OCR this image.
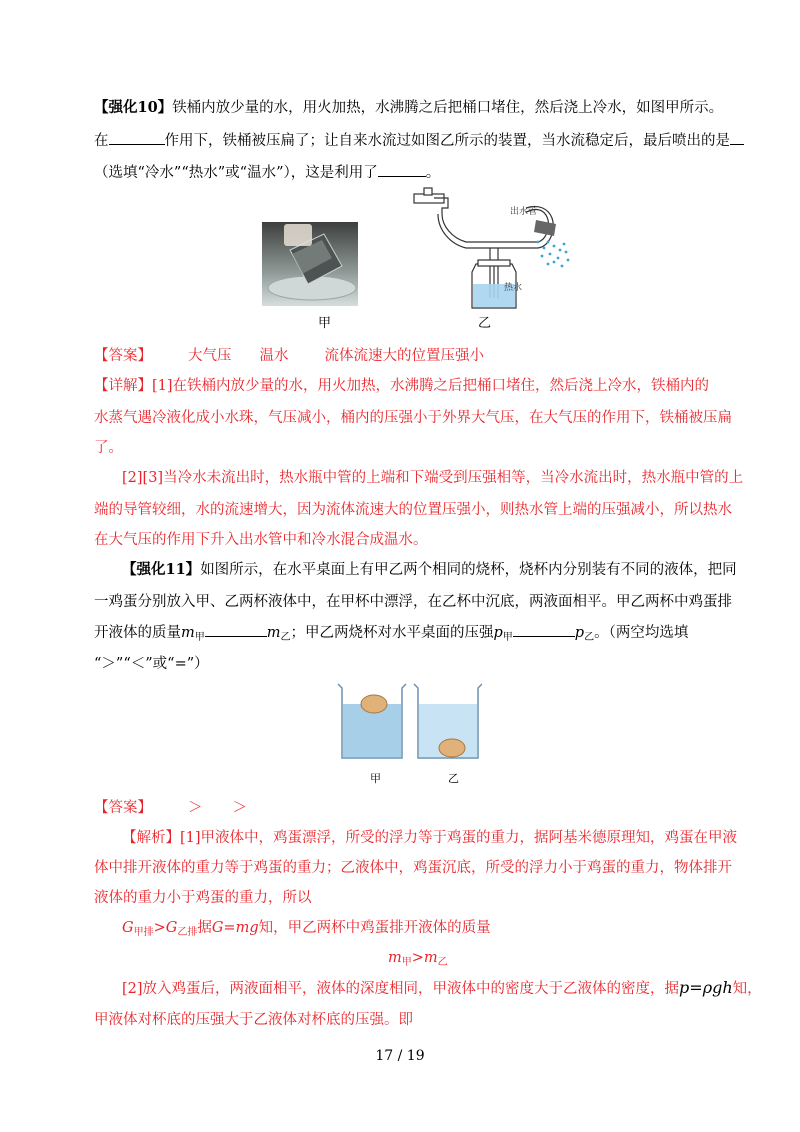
【强化10】铁桶内放少量的水，用火加热，水沸腾之后把桶口堵住，然后浇上冷水，如图甲所示。
在	作用下，铁桶被压扁了；让自来水流过如图乙所示的装置，当水流稳定后，最后喷出的是
（选填“冷水”“热水”或“温水”），这是利用了	。
甲
出水管
热水
乙
【答案】 大气压 温水 流体流速大的位置压强小
【详解】[1]在铁桶内放少量的水，用火加热，水沸腾之后把桶口堵住，然后浇上冷水，铁桶内的
水蒸气遇冷液化成小水珠，气压减小，桶内的压强小于外界大气压，在大气压的作用下，铁桶被压扁
了。
[2][3]当冷水未流出时，热水瓶中管的上端和下端受到压强相等，当冷水流出时，热水瓶中管的上
端的导管较细，水的流速增大，因为流体流速大的位置压强小，则热水管上端的压强减小，所以热水
在大气压的作用下升入出水管中和冷水混合成温水。
【强化11】如图所示，在水平桌面上有甲乙两个相同的烧杯，烧杯内分别装有不同的液体，把同
一鸡蛋分别放入甲、乙两杯液体中，在甲杯中漂浮，在乙杯中沉底，两液面相平。甲乙两杯中鸡蛋排
开液体的质量$m_甲$	$m_乙$；甲乙两烧杯对水平桌面的压强$p_甲$	$p_乙$。（两空均选填
“＞”“＜”或“=”）
甲	乙
【答案】 ＞ ＞
【解析】[1]甲液体中，鸡蛋漂浮，所受的浮力等于鸡蛋的重力，据阿基米德原理知，鸡蛋在甲液
体中排开液体的重力等于鸡蛋的重力；乙液体中，鸡蛋沉底，所受的浮力小于鸡蛋的重力，物体排开
液体的重力小于鸡蛋的重力，所以
$G_{甲排}>G_{乙排}$据G=mg知，甲乙两杯中鸡蛋排开液体的质量
$m_甲>m_乙$
[2]放入鸡蛋后，两液面相平，液体的深度相同，甲液体中的密度大于乙液体的密度，据p=ρgh知，
甲液体对杯底的压强大于乙液体对杯底的压强。即
17 / 19
